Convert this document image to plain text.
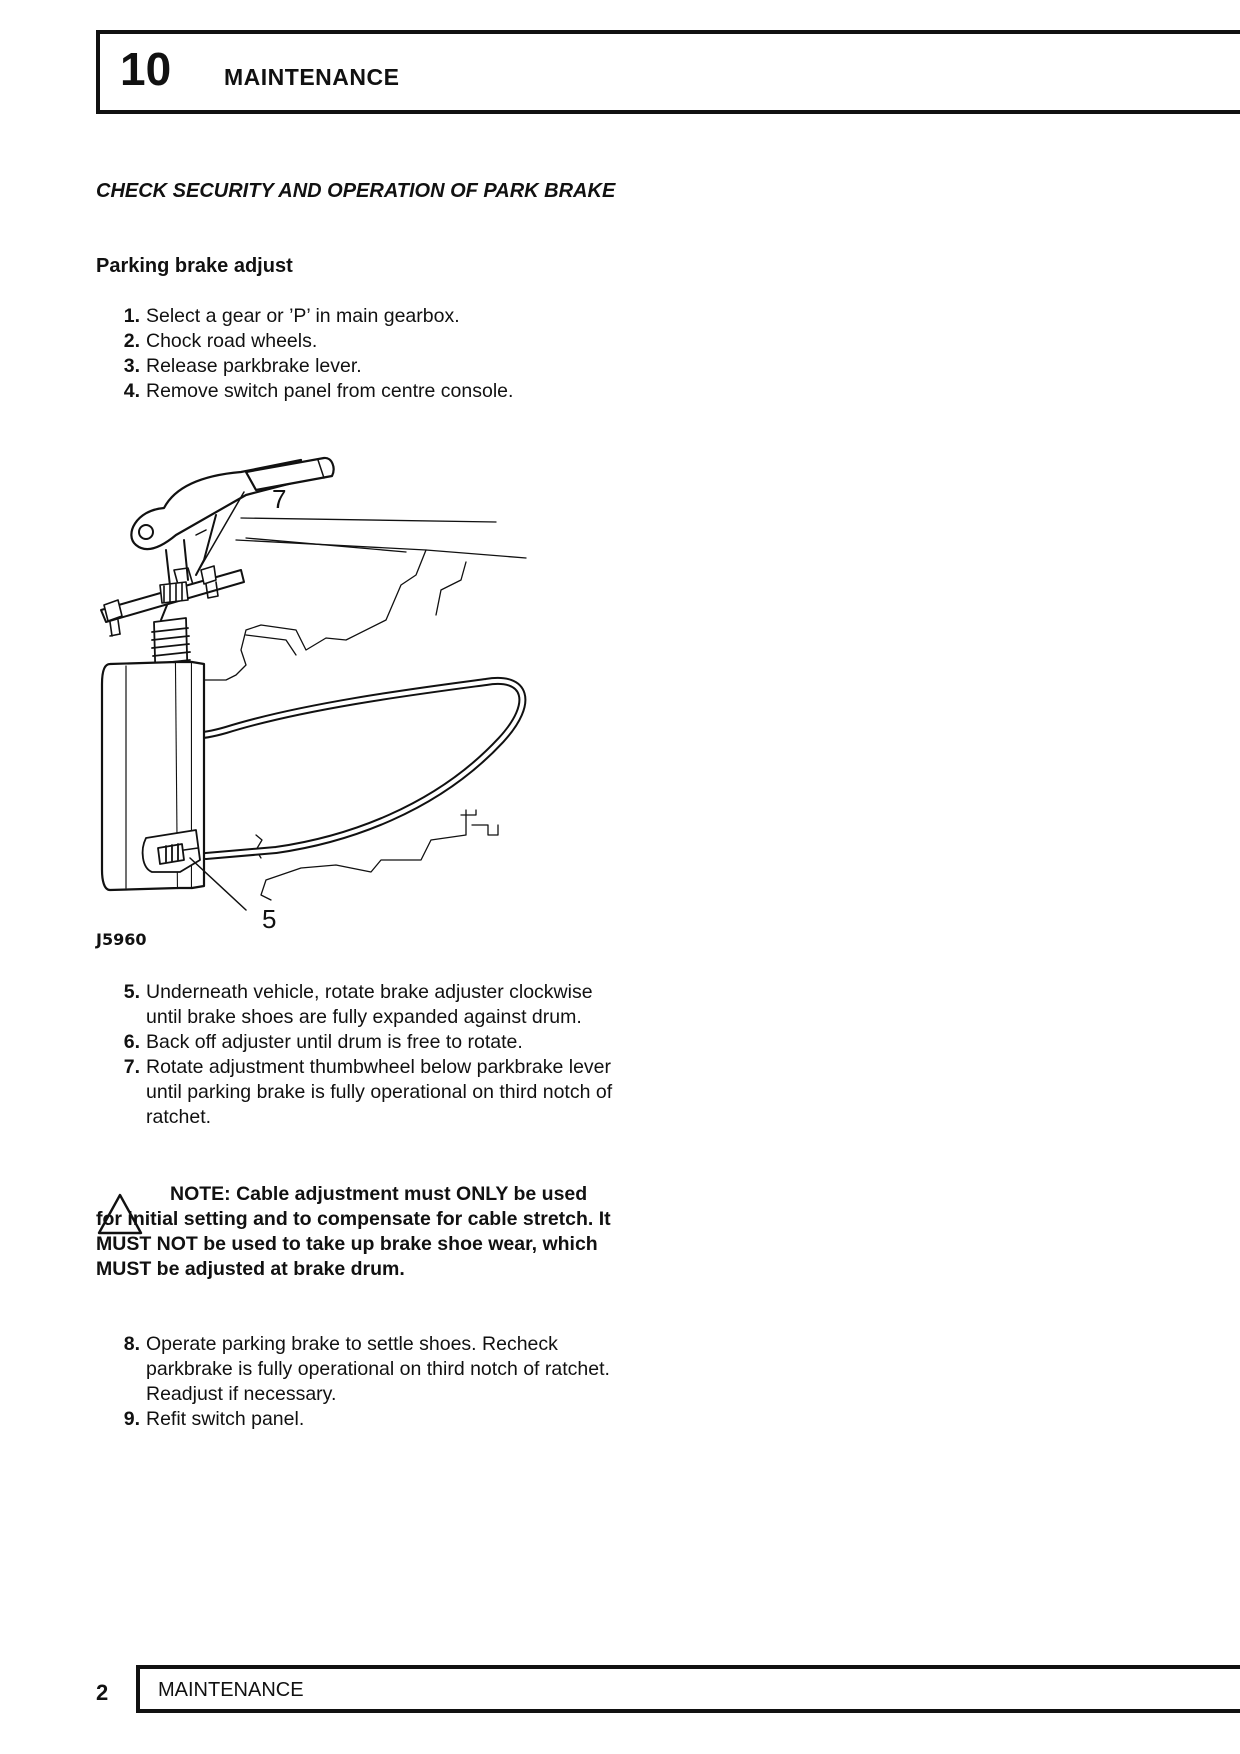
10 MAINTENANCE
CHECK SECURITY AND OPERATION OF PARK BRAKE
Parking brake adjust
1. Select a gear or ’P’ in main gearbox.
2. Chock road wheels.
3. Release parkbrake lever.
4. Remove switch panel from centre console.
7
5
J5960
5. Underneath vehicle, rotate brake adjuster clockwise until brake shoes are fully expanded against drum.
6. Back off adjuster until drum is free to rotate.
7. Rotate adjustment thumbwheel below parkbrake lever until parking brake is fully operational on third notch of ratchet.

NOTE: Cable adjustment must ONLY be used for initial setting and to compensate for cable stretch. It MUST NOT be used to take up brake shoe wear, which MUST be adjusted at brake drum.

8. Operate parking brake to settle shoes. Recheck parkbrake is fully operational on third notch of ratchet. Readjust if necessary.
9. Refit switch panel.
2 MAINTENANCE
